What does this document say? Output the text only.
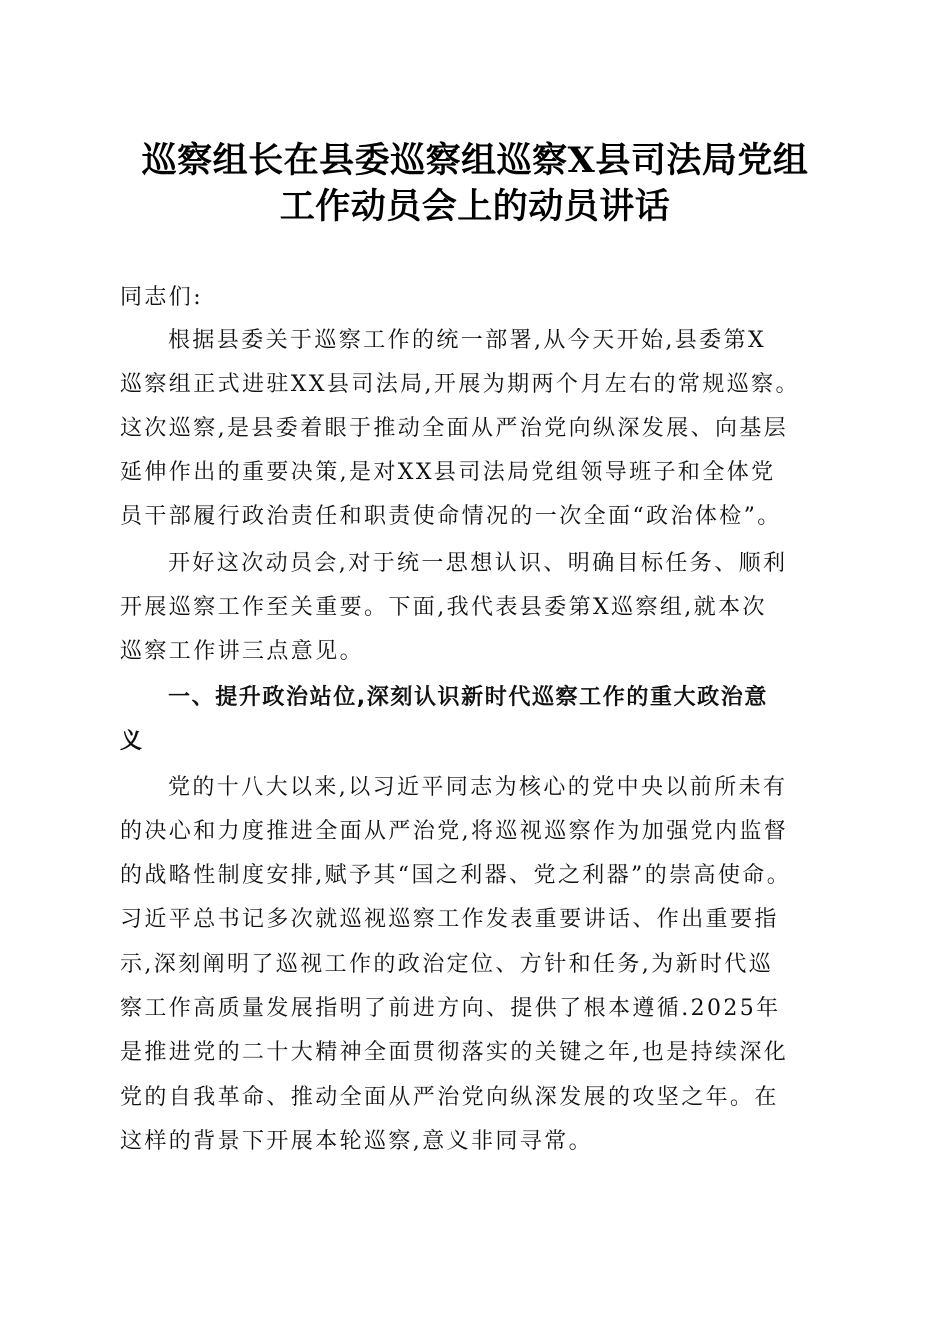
巡察组长在县委巡察组巡察X县司法局党组
工作动员会上的动员讲话
同志们:
根据县委关于巡察工作的统一部署,从今天开始,县委第X
巡察组正式进驻XX县司法局,开展为期两个月左右的常规巡察。
这次巡察,是县委着眼于推动全面从严治党向纵深发展、向基层
延伸作出的重要决策,是对XX县司法局党组领导班子和全体党
员干部履行政治责任和职责使命情况的一次全面“政治体检”。
开好这次动员会,对于统一思想认识、明确目标任务、顺利
开展巡察工作至关重要。下面,我代表县委第X巡察组,就本次
巡察工作讲三点意见。
一、提升政治站位,深刻认识新时代巡察工作的重大政治意
义
党的十八大以来,以习近平同志为核心的党中央以前所未有
的决心和力度推进全面从严治党,将巡视巡察作为加强党内监督
的战略性制度安排,赋予其“国之利器、党之利器”的崇高使命。
习近平总书记多次就巡视巡察工作发表重要讲话、作出重要指
示,深刻阐明了巡视工作的政治定位、方针和任务,为新时代巡
察工作高质量发展指明了前进方向、提供了根本遵循.2025年
是推进党的二十大精神全面贯彻落实的关键之年,也是持续深化
党的自我革命、推动全面从严治党向纵深发展的攻坚之年。在
这样的背景下开展本轮巡察,意义非同寻常。
